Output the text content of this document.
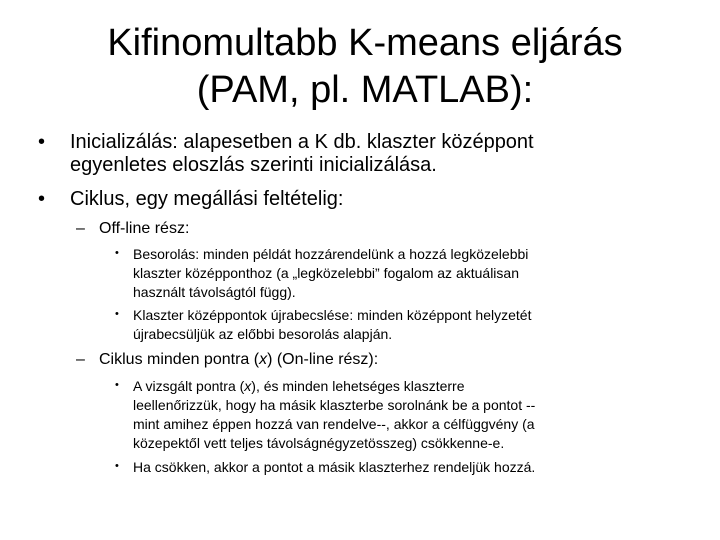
Kifinomultabb K-means eljárás
(PAM, pl. MATLAB):
• Inicializálás: alapesetben a K db. klaszter középpont
egyenletes eloszlás szerinti inicializálása.
• Ciklus, egy megállási feltételig:
– Off-line rész:
• Besorolás: minden példát hozzárendelünk a hozzá legközelebbi
klaszter középponthoz (a „legközelebbi” fogalom az aktuálisan
használt távolságtól függ).
• Klaszter középpontok újrabecslése: minden középpont helyzetét
újrabecsüljük az előbbi besorolás alapján.
– Ciklus minden pontra (x) (On-line rész):
• A vizsgált pontra (x), és minden lehetséges klaszterre
leellenőrizzük, hogy ha másik klaszterbe sorolnánk be a pontot --
mint amihez éppen hozzá van rendelve--, akkor a célfüggvény (a
közepektől vett teljes távolságnégyzetösszeg) csökkenne-e.
• Ha csökken, akkor a pontot a másik klaszterhez rendeljük hozzá.
